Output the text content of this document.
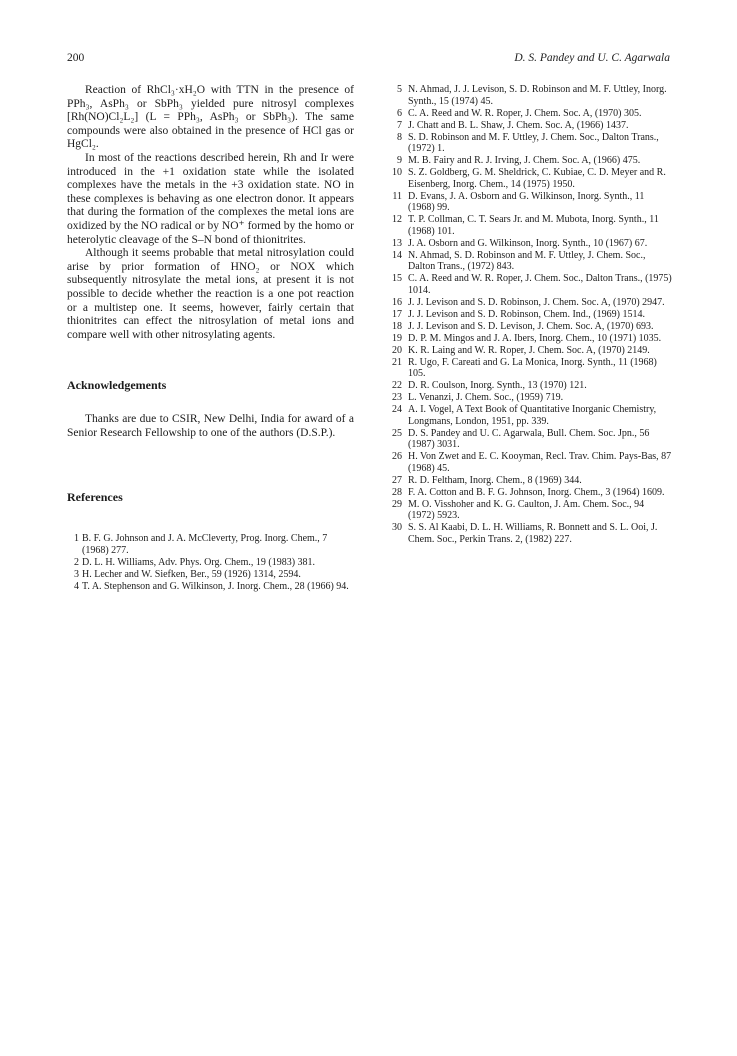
200	D. S. Pandey and U. C. Agarwala

Reaction of RhCl₃·xH₂O with TTN in the presence of PPh₃, AsPh₃ or SbPh₃ yielded pure nitrosyl complexes [Rh(NO)Cl₂L₂] (L = PPh₃, AsPh₃ or SbPh₃). The same compounds were also obtained in the presence of HCl gas or HgCl₂.

In most of the reactions described herein, Rh and Ir were introduced in the +1 oxidation state while the isolated complexes have the metals in the +3 oxidation state. NO in these complexes is behaving as one electron donor. It appears that during the formation of the complexes the metal ions are oxidized by the NO radical or by NO⁺ formed by the homo or heterolytic cleavage of the S–N bond of thionitrites.

Although it seems probable that metal nitrosylation could arise by prior formation of HNO₂ or NOX which subsequently nitrosylate the metal ions, at present it is not possible to decide whether the reaction is a one pot reaction or a multistep one. It seems, however, fairly certain that thionitrites can effect the nitrosylation of metal ions and compare well with other nitrosylating agents.

Acknowledgements

Thanks are due to CSIR, New Delhi, India for award of a Senior Research Fellowship to one of the authors (D.S.P.).

References
1 B. F. G. Johnson and J. A. McCleverty, Prog. Inorg. Chem., 7 (1968) 277.
2 D. L. H. Williams, Adv. Phys. Org. Chem., 19 (1983) 381.
3 H. Lecher and W. Siefken, Ber., 59 (1926) 1314, 2594.
4 T. A. Stephenson and G. Wilkinson, J. Inorg. Chem., 28 (1966) 94.
5 N. Ahmad, J. J. Levison, S. D. Robinson and M. F. Uttley, Inorg. Synth., 15 (1974) 45.
6 C. A. Reed and W. R. Roper, J. Chem. Soc. A, (1970) 305.
7 J. Chatt and B. L. Shaw, J. Chem. Soc. A, (1966) 1437.
8 S. D. Robinson and M. F. Uttley, J. Chem. Soc., Dalton Trans., (1972) 1.
9 M. B. Fairy and R. J. Irving, J. Chem. Soc. A, (1966) 475.
10 S. Z. Goldberg, G. M. Sheldrick, C. Kubiae, C. D. Meyer and R. Eisenberg, Inorg. Chem., 14 (1975) 1950.
11 D. Evans, J. A. Osborn and G. Wilkinson, Inorg. Synth., 11 (1968) 99.
12 T. P. Collman, C. T. Sears Jr. and M. Mubota, Inorg. Synth., 11 (1968) 101.
13 J. A. Osborn and G. Wilkinson, Inorg. Synth., 10 (1967) 67.
14 N. Ahmad, S. D. Robinson and M. F. Uttley, J. Chem. Soc., Dalton Trans., (1972) 843.
15 C. A. Reed and W. R. Roper, J. Chem. Soc., Dalton Trans., (1975) 1014.
16 J. J. Levison and S. D. Robinson, J. Chem. Soc. A, (1970) 2947.
17 J. J. Levison and S. D. Robinson, Chem. Ind., (1969) 1514.
18 J. J. Levison and S. D. Levison, J. Chem. Soc. A, (1970) 693.
19 D. P. M. Mingos and J. A. Ibers, Inorg. Chem., 10 (1971) 1035.
20 K. R. Laing and W. R. Roper, J. Chem. Soc. A, (1970) 2149.
21 R. Ugo, F. Careati and G. La Monica, Inorg. Synth., 11 (1968) 105.
22 D. R. Coulson, Inorg. Synth., 13 (1970) 121.
23 L. Venanzi, J. Chem. Soc., (1959) 719.
24 A. I. Vogel, A Text Book of Quantitative Inorganic Chemistry, Longmans, London, 1951, pp. 339.
25 D. S. Pandey and U. C. Agarwala, Bull. Chem. Soc. Jpn., 56 (1987) 3031.
26 H. Von Zwet and E. C. Kooyman, Recl. Trav. Chim. Pays-Bas, 87 (1968) 45.
27 R. D. Feltham, Inorg. Chem., 8 (1969) 344.
28 F. A. Cotton and B. F. G. Johnson, Inorg. Chem., 3 (1964) 1609.
29 M. O. Visshoher and K. G. Caulton, J. Am. Chem. Soc., 94 (1972) 5923.
30 S. S. Al Kaabi, D. L. H. Williams, R. Bonnett and S. L. Ooi, J. Chem. Soc., Perkin Trans. 2, (1982) 227.
